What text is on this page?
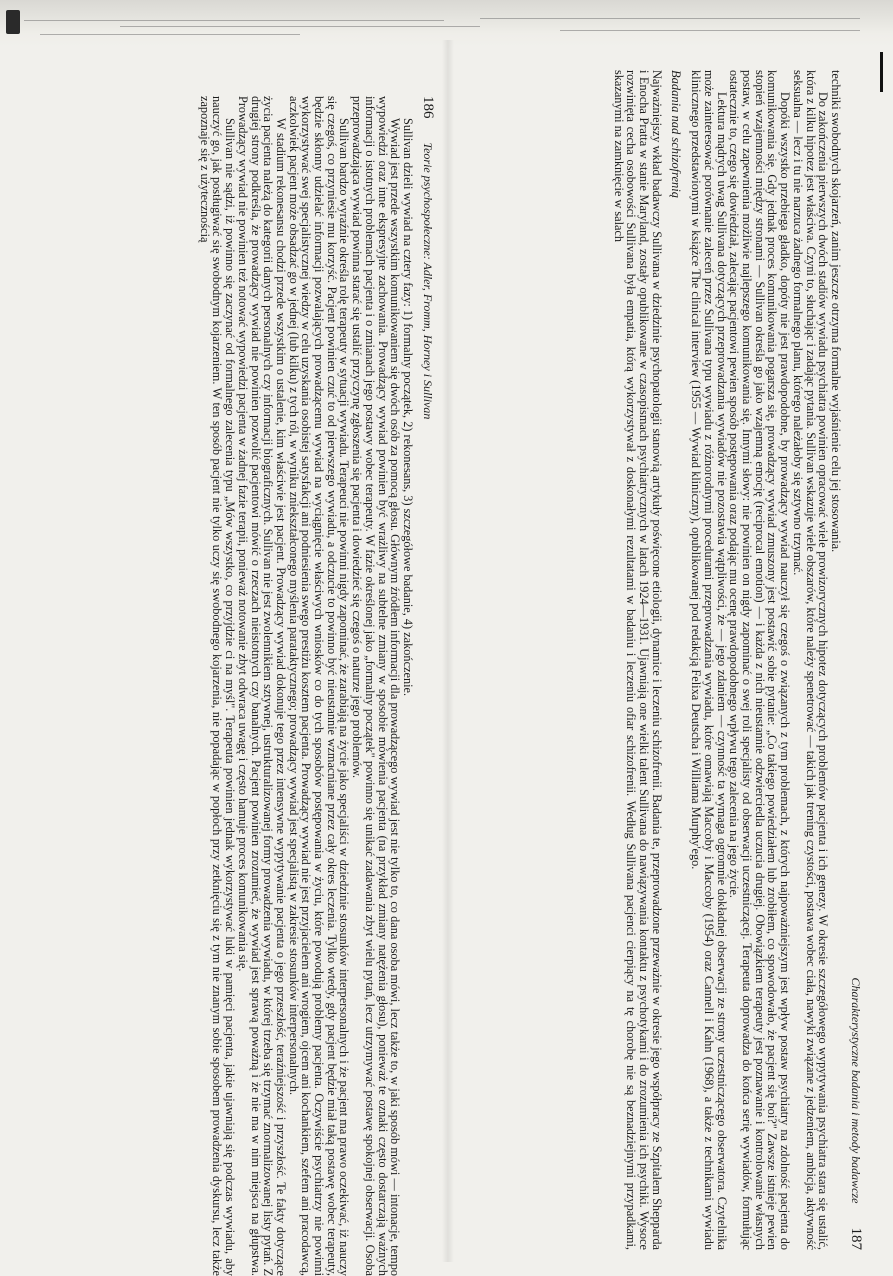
186
Teorie psychospołeczne: Adler, Fromm, Horney i Sullivan

Sullivan dzieli wywiad na cztery fazy: 1) formalny początek, 2) rekonesans, 3) szczegółowe badanie, 4) zakończenie.

Wywiad jest przede wszystkim komunikowaniem się dwóch osób za pomocą głosu. Głównym źródłem informacji dla prowadzącego wywiad jest nie tylko to, co dana osoba mówi, lecz także to, w jaki sposób mówi — intonacje, tempo wypowiedzi oraz inne ekspresyjne zachowania. Prowadzący wywiad powinien być wrażliwy na subtelne zmiany w sposobie mówienia pacjenta (na przykład zmiany natężenia głosu), ponieważ te oznaki często dostarczają ważnych informacji o istotnych problemach pacjenta i o zmianach jego postawy wobec terapeuty. W fazie określonej jako „formalny początek" powinno się unikać zadawania zbyt wielu pytań, lecz utrzymywać postawę spokojnej obserwacji. Osoba przeprowadzająca wywiad powinna starać się ustalić przyczynę zgłoszenia się pacjenta i dowiedzieć się czegoś o naturze jego problemów.

Sullivan bardzo wyraźnie określa rolę terapeuty w sytuacji wywiadu. Terapeuci nie powinni nigdy zapominać, że zarabiają na życie jako specjaliści w dziedzinie stosunków interpersonalnych i że pacjent ma prawo oczekiwać, iż nauczy się czegoś, co przyniesie mu korzyść. Pacjent powinien czuć to od pierwszego wywiadu, a odczucie to powinno być nieustannie wzmacniane przez cały okres leczenia. Tylko wtedy, gdy pacjent będzie miał taką postawę wobec terapeuty, będzie skłonny udzielać informacji pozwalających prowadzącemu wywiad na wyciągnięcie właściwych wniosków co do tych sposobów postępowania w życiu, które powodują problemy pacjenta. Oczywiście psychiatrzy nie powinni wykorzystywać swej specjalistycznej wiedzy w celu uzyskania osobistej satysfakcji ani podniesienia swego prestiżu kosztem pacjenta. Prowadzący wywiad nie jest przyjacielem ani wrogiem, ojcem ani kochankiem, szefem ani pracodawcą, aczkolwiek pacjent może obsadzać go w jednej (lub kilku) z tych ról, w wyniku zniekształconego myślenia parataktycznego; prowadzący wywiad jest specjalistą w zakresie stosunków interpersonalnych.

W stadium rekonesansu chodzi przede wszystkim o ustalenie, kim właściwie jest pacjent. Prowadzący wywiad dokonuje tego przez intensywne wypytywanie pacjenta o jego przeszłość, teraźniejszość i przyszłość. Te fakty dotyczące życia pacjenta należą do kategorii danych personalnych czy informacji biograficznych. Sullivan nie jest zwolennikiem sztywnej, ustrukturalizowanej formy prowadzenia wywiadu, w której trzeba się trzymać znormalizowanej listy pytań. Z drugiej strony podkreśla, że prowadzący wywiad nie powinien pozwolić pacjentowi mówić o rzeczach nieistotnych czy banalnych. Pacjent powinien zrozumieć, że wywiad jest sprawą poważną i że nie ma w nim miejsca na głupstwa. Prowadzący wywiad nie powinien też notować wypowiedzi pacjenta w żadnej fazie terapii, ponieważ notowanie zbyt odwraca uwagę i często hamuje proces komunikowania się.

Sullivan nie sądzi, iż powinno się zaczynać od formalnego zalecenia typu „Mów wszystko, co przyjdzie ci na myśl". Terapeuta powinien jednak wykorzystywać luki w pamięci pacjenta, jakie ujawniają się podczas wywiadu, aby nauczyć go, jak postługiwać się swobodnym kojarzeniem. W ten sposób pacjent nie tylko uczy się swobodnego kojarzenia, nie popadając w popłoch przy zetknięciu się z tym nie znanym sobie sposobem prowadzenia dyskursu, lecz także zapoznaje się z użytecznością

Charakterystyczne badania i metody badawcze
187

techniki swobodnych skojarzeń, zanim jeszcze otrzyma formalne wyjaśnienie celu jej stosowania.

Do zakończenia pierwszych dwóch stadiów wywiadu psychiatra powinien opracować wiele prowizorycznych hipotez dotyczących problemów pacjenta i ich genezy. W okresie szczegółowego wypytywania psychiatra stara się ustalić, która z kilku hipotez jest właściwa. Czyni to, słuchając i zadając pytania. Sullivan wskazuje wiele obszarów, które należy spenetrować — takich jak trening czystości, postawa wobec ciała, nawyki związane z jedzeniem, ambicja, aktywność seksualna — lecz i tu nie narzuca żadnego formalnego planu, którego należałoby się sztywno trzymać.

Dopóki wszystko przebiega gładko, dopóty nie jest prawdopodobne, by prowadzący wywiad nauczył się czegoś o związanych z tym problemach, z których najpoważniejszym jest wpływ postaw psychiatry na zdolność pacjenta do komunikowania się. Gdy jednak proces komunikowania pogarsza się, prowadzący wywiad zmuszony jest postawić sobie pytanie: „Co takiego powiedziałem lub zrobiłem, co spowodowało, że pacjent się boi?" Zawsze istnieje pewien stopień wzajemności między stronami — Sullivan określa go jako wzajemną emocję (reciprocal emotion) — i każda z nich nieustannie odzwierciedla uczucia drugiej. Obowiązkiem terapeuty jest poznawanie i kontrolowanie własnych postaw, w celu zapewnienia możliwie najlepszego komunikowania się. Innymi słowy: nie powinien on nigdy zapominać o swej roli specjalisty od obserwacji uczestniczącej. Terapeuta doprowadza do końca serię wywiadów, formułując ostatecznie to, czego się dowiedział, zalecając pacjentowi pewien sposób postępowania oraz podając mu ocenę prawdopodobnego wpływu tego zalecenia na jego życie.

Lektura mądrych uwag Sullivana dotyczących przeprowadzania wywiadów nie pozostawia wątpliwości, że — jego zdaniem — czynność ta wymaga ogromnie dokładnej obserwacji ze strony uczestniczącego obserwatora. Czytelnika może zainteresować porównanie zaleceń przez Sullivana typu wywiadu z różnorodnymi procedurami przeprowadzania wywiadu, które omawiają Maccoby i Maccoby (1954) oraz Cannell i Kahn (1968), a także z technikami wywiadu klinicznego przedstawionymi w książce The clinical interview (1955 — Wywiad kliniczny), opublikowanej pod redakcją Felixa Deutscha i Williama Murphy'ego.

Badania nad schizofrenią

Najważniejszy wkład badawczy Sullivana w dziedzinie psychopatologii stanowią artykuły poświęcone etiologii, dynamice i leczeniu schizofrenii. Badania te, przeprowadzone przeważnie w okresie jego współpracy ze Szpitalem Shepparda i Enocha Pratta w stanie Maryland, zostały opublikowane w czasopismach psychiatrycznych w latach 1924—1931. Ujawniają one wielki talent Sullivana do nawiązywania kontaktu z psychotykami i do zrozumienia ich psychiki. Wysoce rozwinięta cecha osobowości Sullivana była empatia, którą wykorzystywał z doskonałymi rezultatami w badaniu i leczeniu ofiar schizofrenii. Według Sullivana pacjenci cierpiący na tę chorobę nie są beznadziejnymi przypadkami, skazanymi na zamknięcie w salach
